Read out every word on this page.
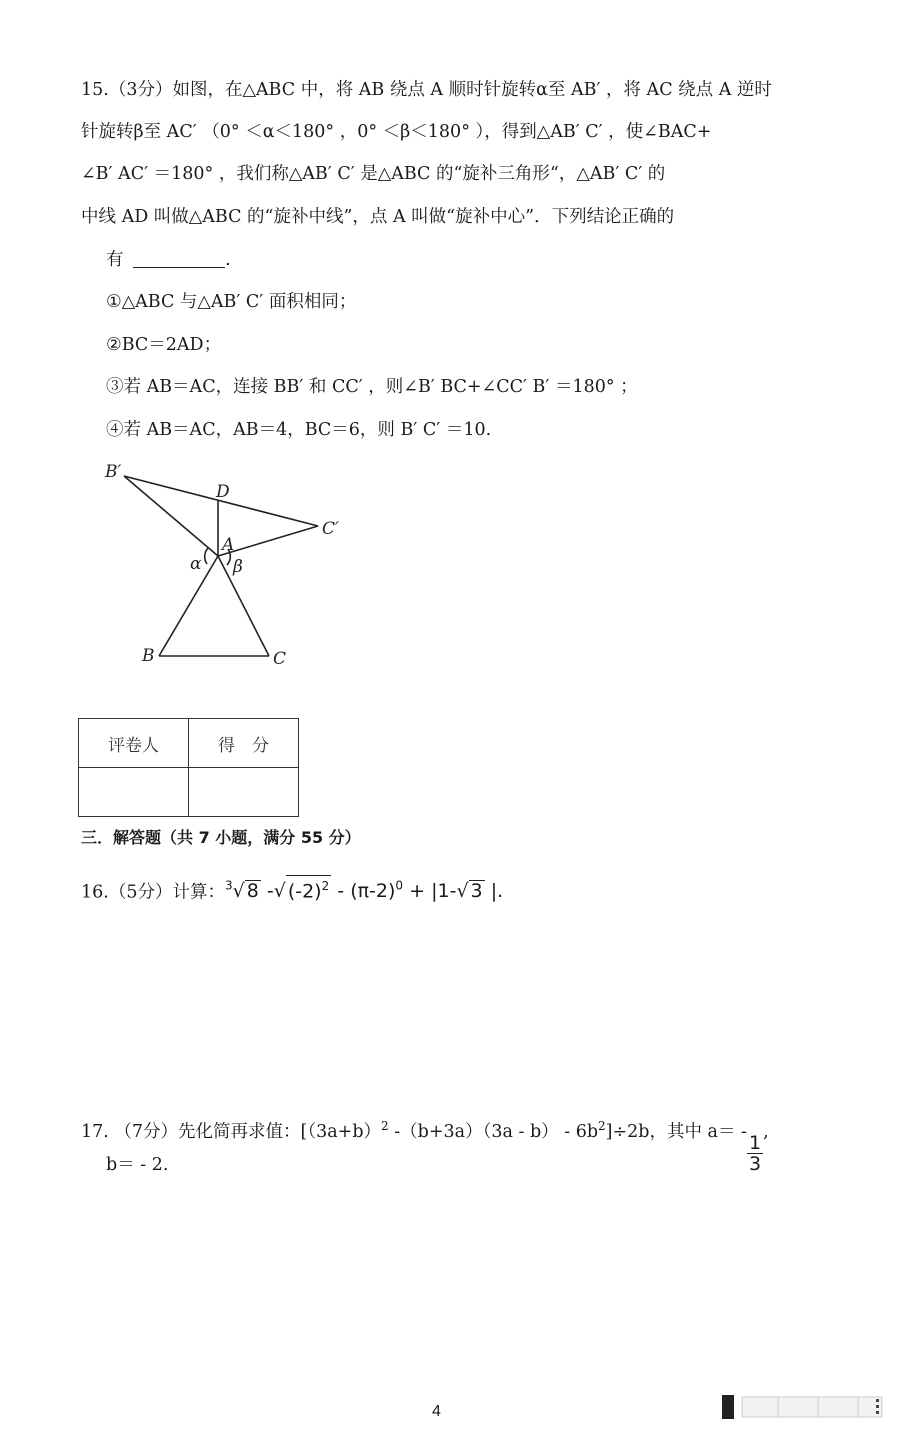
15.（3分）如图，在△ABC 中，将 AB 绕点 A 顺时针旋转α至 AB′ ，将 AC 绕点 A 逆时
针旋转β至 AC′ （0° ＜α＜180° ，0° ＜β＜180° ），得到△AB′ C′ ，使∠BAC+
∠B′ AC′ ＝180° ，我们称△AB′ C′ 是△ABC 的“旋补三角形“，△AB′ C′ 的
中线 AD 叫做△ABC 的“旋补中线”，点 A 叫做“旋补中心”．下列结论正确的
有	.
①△ABC 与△AB′ C′ 面积相同；
②BC＝2AD；
③若 AB＝AC，连接 BB′ 和 CC′ ，则∠B′ BC+∠CC′ B′ ＝180° ；
④若 AB＝AC，AB＝4，BC＝6，则 B′ C′ ＝10.
B′
D
C′
A
α β
B	C
评卷人	得　分

三．解答题（共 7 小题，满分 55 分）
16.（5分）计算：$^3$√ 8 -√ $(-2)^2 - (\pi-2)^0 + |1-√$ 3 |.
17. （7分）先化简再求值：[$(3a+b)^2$ $-(b+3a)(3a - b) - 6b^2]\div 2b$，其中 a＝ -
$\frac{1}{3}$
,
b＝ - 2.
4
